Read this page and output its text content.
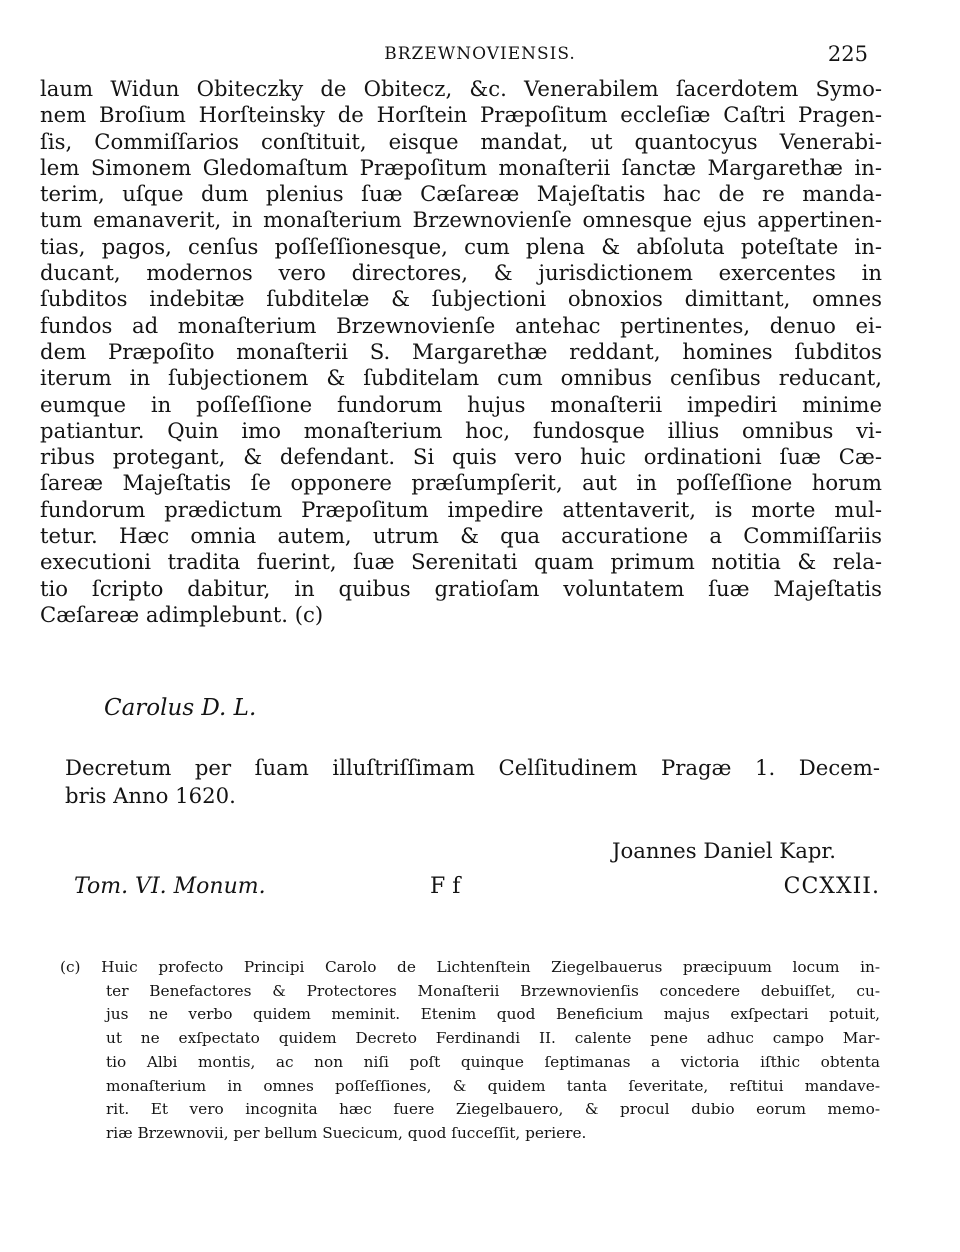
BRZEWNOVIENSIS.	225
laum Widun Obiteczky de Obitecz, &c. Venerabilem ſacerdotem Symo-
nem Broſium Horſteinsky de Horſtein Præpoſitum eccleſiæ Caſtri Pragen-
ſis, Commiſſarios conſtituit, eisque mandat, ut quantocyus Venerabi-
lem Simonem Gledomaſtum Præpoſitum monaſterii ſanctæ Margarethæ in-
terim, uſque dum plenius ſuæ Cæſareæ Majeſtatis hac de re manda-
tum emanaverit, in monaſterium Brzewnovienſe omnesque ejus appertinen-
tias, pagos, cenſus poſſeſſionesque, cum plena & abſoluta poteſtate in-
ducant, modernos vero directores, & jurisdictionem exercentes in
ſubditos indebitæ ſubditelæ & ſubjectioni obnoxios dimittant, omnes
fundos ad monaſterium Brzewnovienſe antehac pertinentes, denuo ei-
dem Præpoſito monaſterii S. Margarethæ reddant, homines ſubditos
iterum in ſubjectionem & ſubditelam cum omnibus cenſibus reducant,
eumque in poſſeſſione fundorum hujus monaſterii impediri minime
patiantur. Quin imo monaſterium hoc, fundosque illius omnibus vi-
ribus protegant, & defendant. Si quis vero huic ordinationi ſuæ Cæ-
ſareæ Majeſtatis ſe opponere præſumpſerit, aut in poſſeſſione horum
fundorum prædictum Præpoſitum impedire attentaverit, is morte mul-
tetur. Hæc omnia autem, utrum & qua accuratione a Commiſſariis
executioni tradita fuerint, ſuæ Serenitati quam primum notitia & rela-
tio ſcripto dabitur, in quibus gratioſam voluntatem ſuæ Majeſtatis
Cæſareæ adimplebunt. (c)
Carolus D. L.
Decretum per ſuam illuſtriſſimam Celſitudinem Pragæ 1. Decem-
bris Anno 1620.
Joannes Daniel Kapr.
Tom. VI. Monum.	F f	CCXXII.
(c) Huic profecto Principi Carolo de Lichtenſtein Ziegelbauerus præcipuum locum in-
ter Benefactores & Protectores Monaſterii Brzewnovienſis concedere debuiſſet, cu-
jus ne verbo quidem meminit. Etenim quod Beneficium majus exſpectari potuit,
ut ne exſpectato quidem Decreto Ferdinandi II. calente pene adhuc campo Mar-
tio Albi montis, ac non niſi poſt quinque ſeptimanas a victoria iſthic obtenta
monaſterium in omnes poſſeſſiones, & quidem tanta ſeveritate, reſtitui mandave-
rit. Et vero incognita hæc fuere Ziegelbauero, & procul dubio eorum memo-
riæ Brzewnovii, per bellum Suecicum, quod ſucceſſit, periere.
